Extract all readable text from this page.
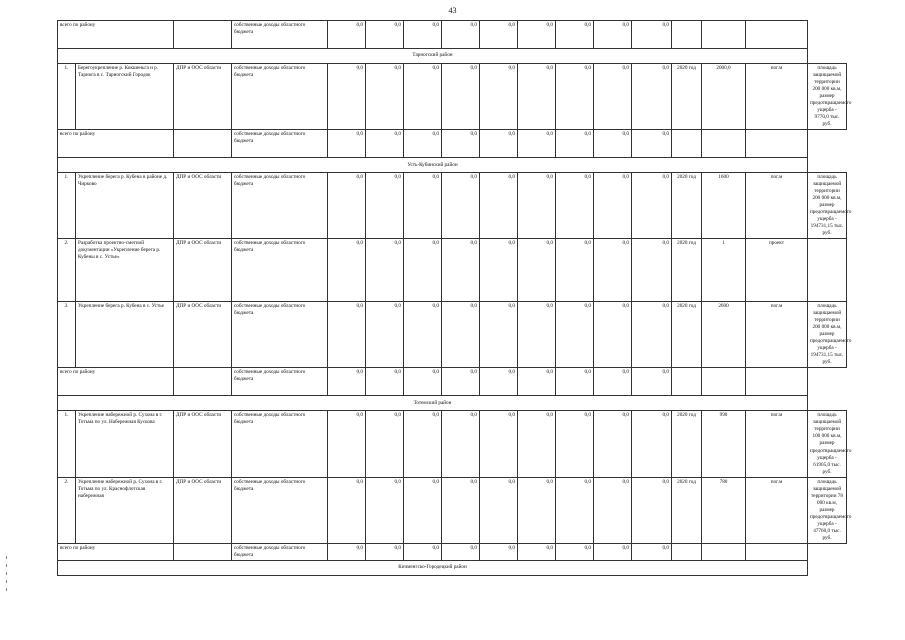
43
всего по району			собственные доходы областного бюджета	0,0	0,0	0,0	0,0	0,0	0,0	0,0	0,0	0,0				
Тарногский район																
1.	Берегоукрепление р. Кокшеньга и р. Тарнога в с. Тарногский Городок	ДПР и ООС области	собственные доходы областного бюджета	0,0	0,0	0,0	0,0	0,0	0,0	0,0	0,0	0,0	2020 год	2000,0	пог.м	площадь защищаемой территории 200 000 кв.м, размер предотвращаемого ущерба - 9770,0 тыс. руб.
всего по району			собственные доходы областного бюджета	0,0	0,0	0,0	0,0	0,0	0,0	0,0	0,0	0,0				
Усть-Кубинский район																
1.	Укрепление берега р. Кубена в районе д. Чирково	ДПР и ООС области	собственные доходы областного бюджета	0,0	0,0	0,0	0,0	0,0	0,0	0,0	0,0	0,0	2020 год	1600	пог.м	площадь защищаемой территории 200 000 кв.м, размер предотвращаемого ущерба - 194731,15 тыс. руб.
2.	Разработка проектно-сметной документации «Укрепление берега р. Кубены в с. Устье»	ДПР и ООС области	собственные доходы областного бюджета	0,0	0,0	0,0	0,0	0,0	0,0	0,0	0,0	0,0	2020 год	1	проект	
3.	Укрепление берега р. Кубена в с. Устье	ДПР и ООС области	собственные доходы областного бюджета	0,0	0,0	0,0	0,0	0,0	0,0	0,0	0,0	0,0	2020 год	2600	пог.м	площадь защищаемой территории 200 000 кв.м, размер предотвращаемого ущерба - 194731,15 тыс. руб.
всего по району			собственные доходы областного бюджета	0,0	0,0	0,0	0,0	0,0	0,0	0,0	0,0	0,0				
Тотемский район																
1.	Укрепление набережной р. Сухона в г. Тотьма по ул. Набережная Кускова	ДПР и ООС области	собственные доходы областного бюджета	0,0	0,0	0,0	0,0	0,0	0,0	0,0	0,0	0,0	2020 год	990	пог.м	площадь защищаемой территории 100 000 кв.м, размер предотвращаемого ущерба - 61905,0 тыс. руб.
2.	Укрепление набережной р. Сухона в г. Тотьма по ул. Краснофлотская набережная	ДПР и ООС области	собственные доходы областного бюджета	0,0	0,0	0,0	0,0	0,0	0,0	0,0	0,0	0,0	2020 год	780	пог.м	площадь защищаемой территории 78 000 кв.м, размер предотвращаемого ущерба - 47760,0 тыс. руб.
всего по району			собственные доходы областного бюджета	0,0	0,0	0,0	0,0	0,0	0,0	0,0	0,0	0,0				
Кичменгско-Городецкий район																
